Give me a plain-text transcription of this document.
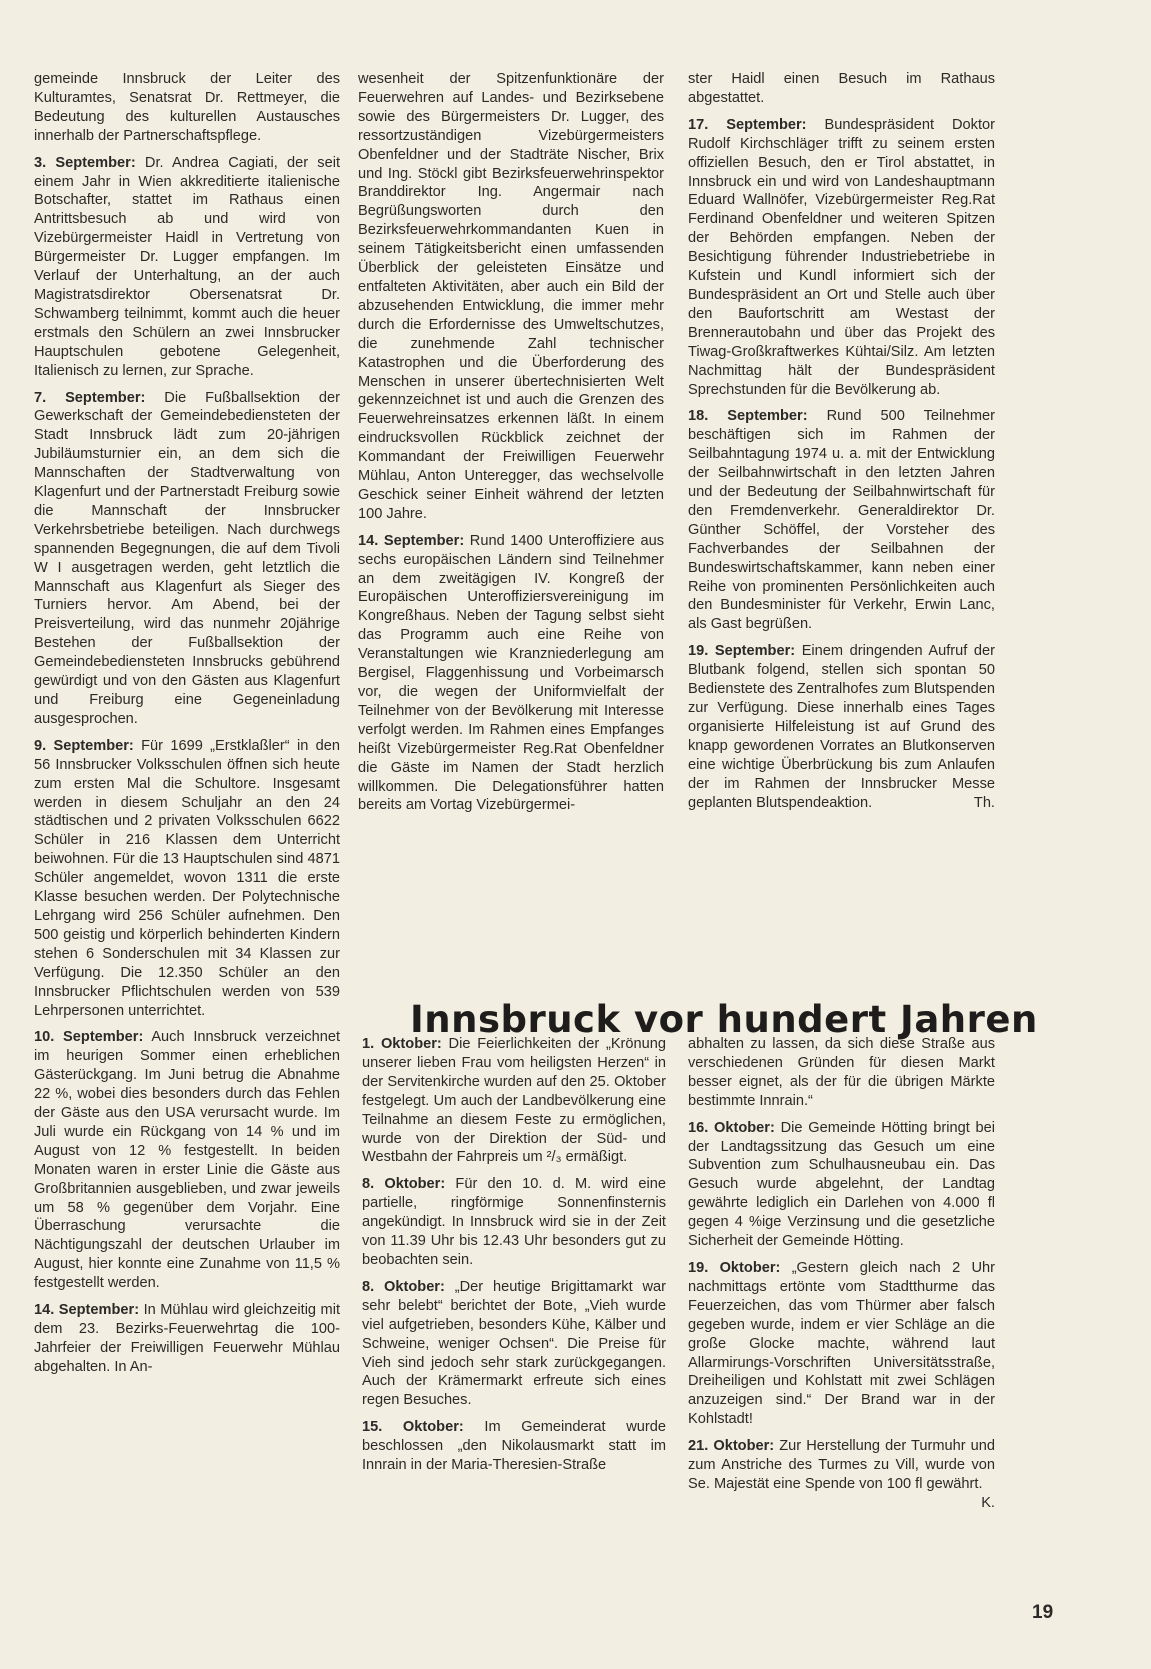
gemeinde Innsbruck der Leiter des Kulturamtes, Senatsrat Dr. Rettmeyer, die Bedeutung des kulturellen Austausches innerhalb der Partnerschaftspflege.

3. September: Dr. Andrea Cagiati, der seit einem Jahr in Wien akkreditierte italienische Botschafter, stattet im Rathaus einen Antrittsbesuch ab und wird von Vizebürgermeister Haidl in Vertretung von Bürgermeister Dr. Lugger empfangen. Im Verlauf der Unterhaltung, an der auch Magistratsdirektor Obersenatsrat Dr. Schwamberg teilnimmt, kommt auch die heuer erstmals den Schülern an zwei Innsbrucker Hauptschulen gebotene Gelegenheit, Italienisch zu lernen, zur Sprache.

7. September: Die Fußballsektion der Gewerkschaft der Gemeindebediensteten der Stadt Innsbruck lädt zum 20-jährigen Jubiläumsturnier ein, an dem sich die Mannschaften der Stadtverwaltung von Klagenfurt und der Partnerstadt Freiburg sowie die Mannschaft der Innsbrucker Verkehrsbetriebe beteiligen. Nach durchwegs spannenden Begegnungen, die auf dem Tivoli W I ausgetragen werden, geht letztlich die Mannschaft aus Klagenfurt als Sieger des Turniers hervor. Am Abend, bei der Preisverteilung, wird das nunmehr 20jährige Bestehen der Fußballsektion der Gemeindebediensteten Innsbrucks gebührend gewürdigt und von den Gästen aus Klagenfurt und Freiburg eine Gegeneinladung ausgesprochen.

9. September: Für 1699 „Erstklaßler“ in den 56 Innsbrucker Volksschulen öffnen sich heute zum ersten Mal die Schultore. Insgesamt werden in diesem Schuljahr an den 24 städtischen und 2 privaten Volksschulen 6622 Schüler in 216 Klassen dem Unterricht beiwohnen. Für die 13 Hauptschulen sind 4871 Schüler angemeldet, wovon 1311 die erste Klasse besuchen werden. Der Polytechnische Lehrgang wird 256 Schüler aufnehmen. Den 500 geistig und körperlich behinderten Kindern stehen 6 Sonderschulen mit 34 Klassen zur Verfügung. Die 12.350 Schüler an den Innsbrucker Pflichtschulen werden von 539 Lehrpersonen unterrichtet.

10. September: Auch Innsbruck verzeichnet im heurigen Sommer einen erheblichen Gästerückgang. Im Juni betrug die Abnahme 22 %, wobei dies besonders durch das Fehlen der Gäste aus den USA verursacht wurde. Im Juli wurde ein Rückgang von 14 % und im August von 12 % festgestellt. In beiden Monaten waren in erster Linie die Gäste aus Großbritannien ausgeblieben, und zwar jeweils um 58 % gegenüber dem Vorjahr. Eine Überraschung verursachte die Nächtigungszahl der deutschen Urlauber im August, hier konnte eine Zunahme von 11,5 % festgestellt werden.

14. September: In Mühlau wird gleichzeitig mit dem 23. Bezirks-Feuerwehrtag die 100-Jahrfeier der Freiwilligen Feuerwehr Mühlau abgehalten. In An-

wesenheit der Spitzenfunktionäre der Feuerwehren auf Landes- und Bezirksebene sowie des Bürgermeisters Dr. Lugger, des ressortzuständigen Vizebürgermeisters Obenfeldner und der Stadträte Nischer, Brix und Ing. Stöckl gibt Bezirksfeuerwehrinspektor Branddirektor Ing. Angermair nach Begrüßungsworten durch den Bezirksfeuerwehrkommandanten Kuen in seinem Tätigkeitsbericht einen umfassenden Überblick der geleisteten Einsätze und entfalteten Aktivitäten, aber auch ein Bild der abzusehenden Entwicklung, die immer mehr durch die Erfordernisse des Umweltschutzes, die zunehmende Zahl technischer Katastrophen und die Überforderung des Menschen in unserer übertechnisierten Welt gekennzeichnet ist und auch die Grenzen des Feuerwehreinsatzes erkennen läßt. In einem eindrucksvollen Rückblick zeichnet der Kommandant der Freiwilligen Feuerwehr Mühlau, Anton Unteregger, das wechselvolle Geschick seiner Einheit während der letzten 100 Jahre.

14. September: Rund 1400 Unteroffiziere aus sechs europäischen Ländern sind Teilnehmer an dem zweitägigen IV. Kongreß der Europäischen Unteroffiziersvereinigung im Kongreßhaus. Neben der Tagung selbst sieht das Programm auch eine Reihe von Veranstaltungen wie Kranzniederlegung am Bergisel, Flaggenhissung und Vorbeimarsch vor, die wegen der Uniformvielfalt der Teilnehmer von der Bevölkerung mit Interesse verfolgt werden. Im Rahmen eines Empfanges heißt Vizebürgermeister Reg.Rat Obenfeldner die Gäste im Namen der Stadt herzlich willkommen. Die Delegationsführer hatten bereits am Vortag Vizebürgermei-

ster Haidl einen Besuch im Rathaus abgestattet.

17. September: Bundespräsident Doktor Rudolf Kirchschläger trifft zu seinem ersten offiziellen Besuch, den er Tirol abstattet, in Innsbruck ein und wird von Landeshauptmann Eduard Wallnöfer, Vizebürgermeister Reg.Rat Ferdinand Obenfeldner und weiteren Spitzen der Behörden empfangen. Neben der Besichtigung führender Industriebetriebe in Kufstein und Kundl informiert sich der Bundespräsident an Ort und Stelle auch über den Baufortschritt am Westast der Brennerautobahn und über das Projekt des Tiwag-Großkraftwerkes Kühtai/Silz. Am letzten Nachmittag hält der Bundespräsident Sprechstunden für die Bevölkerung ab.

18. September: Rund 500 Teilnehmer beschäftigen sich im Rahmen der Seilbahntagung 1974 u. a. mit der Entwicklung der Seilbahnwirtschaft in den letzten Jahren und der Bedeutung der Seilbahnwirtschaft für den Fremdenverkehr. Generaldirektor Dr. Günther Schöffel, der Vorsteher des Fachverbandes der Seilbahnen der Bundeswirtschaftskammer, kann neben einer Reihe von prominenten Persönlichkeiten auch den Bundesminister für Verkehr, Erwin Lanc, als Gast begrüßen.

19. September: Einem dringenden Aufruf der Blutbank folgend, stellen sich spontan 50 Bedienstete des Zentralhofes zum Blutspenden zur Verfügung. Diese innerhalb eines Tages organisierte Hilfeleistung ist auf Grund des knapp gewordenen Vorrates an Blutkonserven eine wichtige Überbrückung bis zum Anlaufen der im Rahmen der Innsbrucker Messe geplanten Blutspendeaktion.	Th.

Innsbruck vor hundert Jahren

1. Oktober: Die Feierlichkeiten der „Krönung unserer lieben Frau vom heiligsten Herzen“ in der Servitenkirche wurden auf den 25. Oktober festgelegt. Um auch der Landbevölkerung eine Teilnahme an diesem Feste zu ermöglichen, wurde von der Direktion der Süd- und Westbahn der Fahrpreis um ²/₃ ermäßigt.

8. Oktober: Für den 10. d. M. wird eine partielle, ringförmige Sonnenfinsternis angekündigt. In Innsbruck wird sie in der Zeit von 11.39 Uhr bis 12.43 Uhr besonders gut zu beobachten sein.

8. Oktober: „Der heutige Brigittamarkt war sehr belebt“ berichtet der Bote, „Vieh wurde viel aufgetrieben, besonders Kühe, Kälber und Schweine, weniger Ochsen“. Die Preise für Vieh sind jedoch sehr stark zurückgegangen. Auch der Krämermarkt erfreute sich eines regen Besuches.

15. Oktober: Im Gemeinderat wurde beschlossen „den Nikolausmarkt statt im Innrain in der Maria-Theresien-Straße

abhalten zu lassen, da sich diese Straße aus verschiedenen Gründen für diesen Markt besser eignet, als der für die übrigen Märkte bestimmte Innrain.“

16. Oktober: Die Gemeinde Hötting bringt bei der Landtagssitzung das Gesuch um eine Subvention zum Schulhausneubau ein. Das Gesuch wurde abgelehnt, der Landtag gewährte lediglich ein Darlehen von 4.000 fl gegen 4 %ige Verzinsung und die gesetzliche Sicherheit der Gemeinde Hötting.

19. Oktober: „Gestern gleich nach 2 Uhr nachmittags ertönte vom Stadtthurme das Feuerzeichen, das vom Thürmer aber falsch gegeben wurde, indem er vier Schläge an die große Glocke machte, während laut Allarmirungs-Vorschriften Universitätsstraße, Dreiheiligen und Kohlstatt mit zwei Schlägen anzuzeigen sind.“ Der Brand war in der Kohlstadt!

21. Oktober: Zur Herstellung der Turmuhr und zum Anstriche des Turmes zu Vill, wurde von Se. Majestät eine Spende von 100 fl gewährt.
K.

19
